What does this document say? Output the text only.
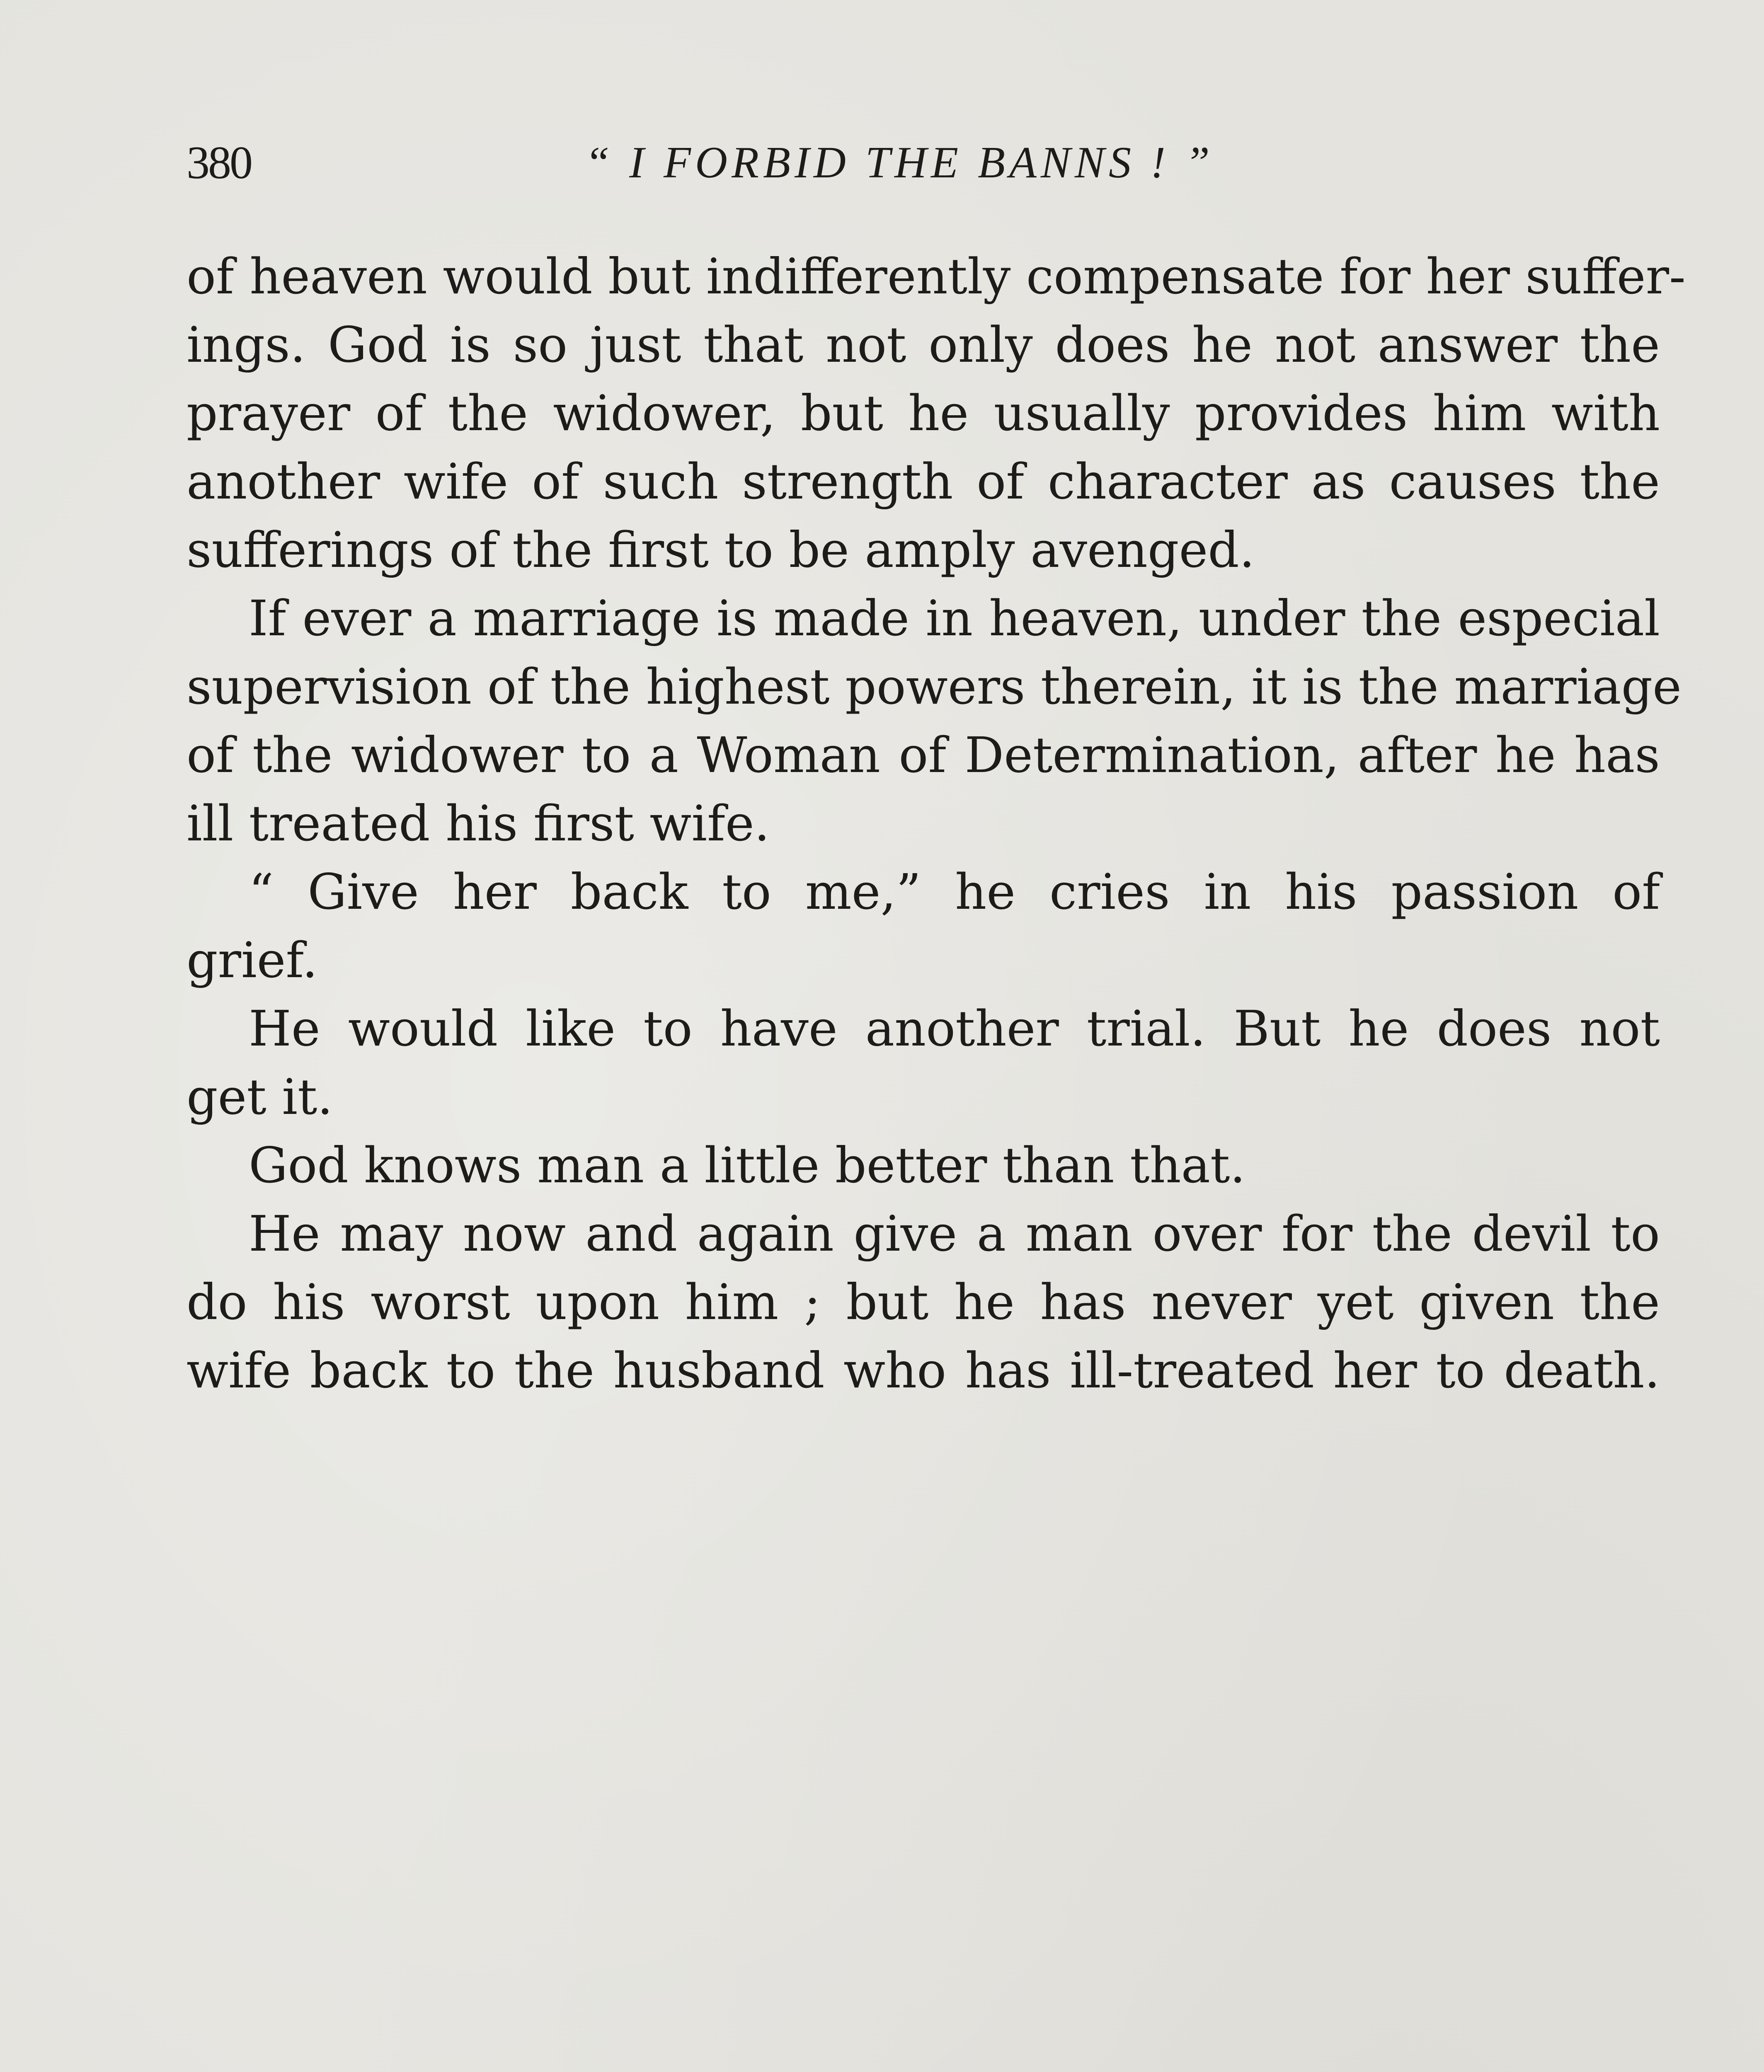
380	“ I FORBID THE BANNS ! ”
of heaven would but indifferently compensate for her suffer-
ings. God is so just that not only does he not answer the
prayer of the widower, but he usually provides him with
another wife of such strength of character as causes the
sufferings of the first to be amply avenged.
If ever a marriage is made in heaven, under the especial
supervision of the highest powers therein, it is the marriage
of the widower to a Woman of Determination, after he has
ill treated his first wife.
“ Give her back to me,” he cries in his passion of
grief.
He would like to have another trial. But he does not
get it.
God knows man a little better than that.
He may now and again give a man over for the devil to
do his worst upon him ; but he has never yet given the
wife back to the husband who has ill-treated her to death.
